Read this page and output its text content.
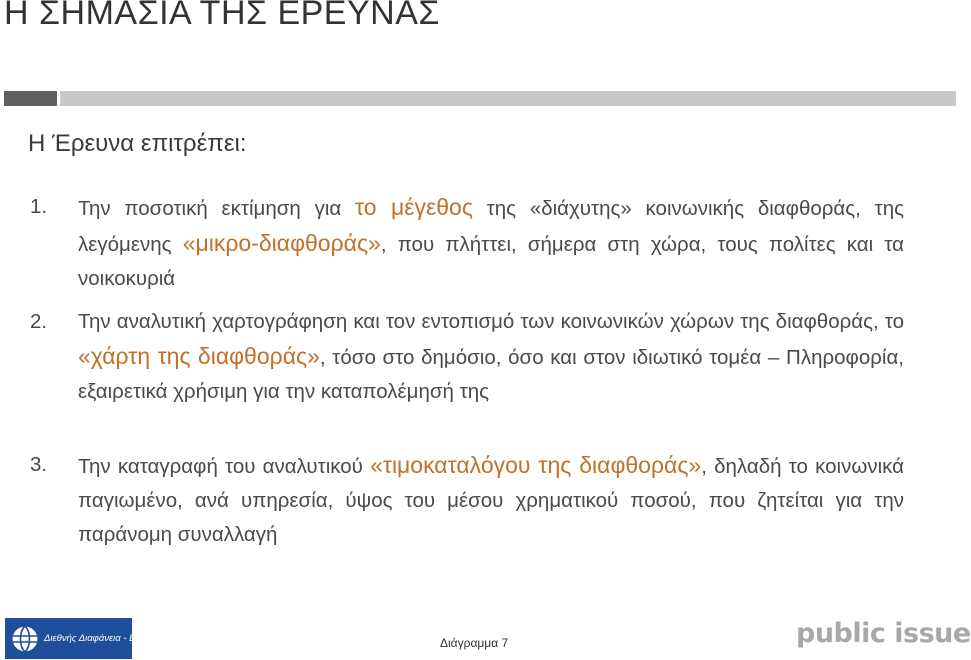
Η ΣΗΜΑΣΙΑ ΤΗΣ ΕΡΕΥΝΑΣ
Η Έρευνα επιτρέπει:
1.	Την ποσοτική εκτίμηση για το μέγεθος της «διάχυτης» κοινωνικής διαφθοράς, της λεγόμενης «μικρο-διαφθοράς», που πλήττει, σήμερα στη χώρα, τους πολίτες και τα νοικοκυριά
2.	Την αναλυτική χαρτογράφηση και τον εντοπισμό των κοινωνικών χώρων της διαφθοράς, το «χάρτη της διαφθοράς», τόσο στο δημόσιο, όσο και στον ιδιωτικό τομέα – Πληροφορία, εξαιρετικά χρήσιμη για την καταπολέμησή της
3.	Την καταγραφή του αναλυτικού «τιμοκαταλόγου της διαφθοράς», δηλαδή το κοινωνικά παγιωμένο, ανά υπηρεσία, ύψος του μέσου χρηματικού ποσού, που ζητείται για την παράνομη συναλλαγή
Διεθνής Διαφάνεια - Ελλάς	Διάγραμμα 7	public issue
